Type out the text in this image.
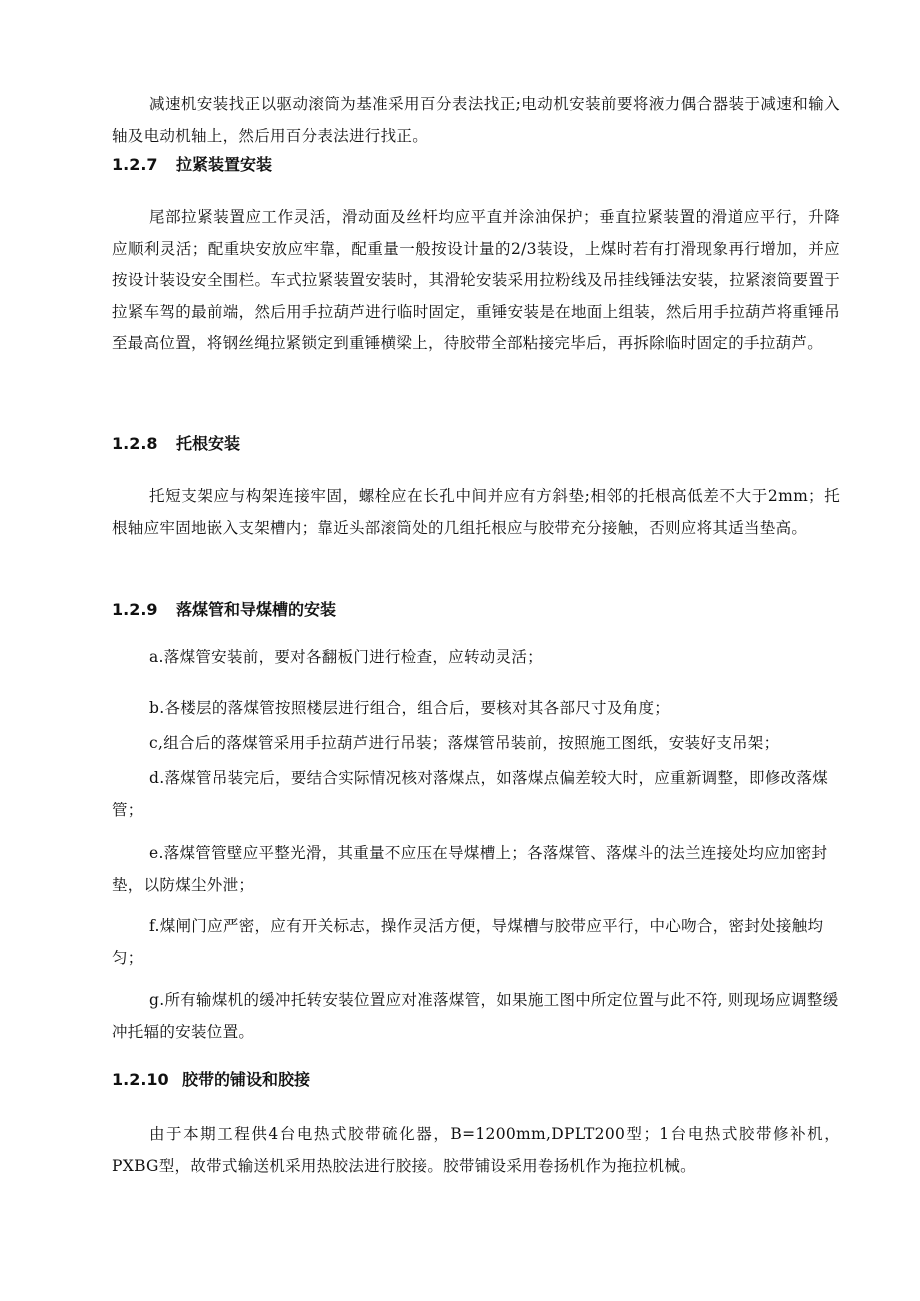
减速机安装找正以驱动滚筒为基准采用百分表法找正;电动机安装前要将液力偶合器装于减速和输入轴及电动机轴上，然后用百分表法进行找正。

1.2.7 拉紧装置安装

尾部拉紧装置应工作灵活，滑动面及丝杆均应平直并涂油保护；垂直拉紧装置的滑道应平行，升降应顺利灵活；配重块安放应牢靠，配重量一般按设计量的2/3装设，上煤时若有打滑现象再行增加，并应按设计装设安全围栏。车式拉紧装置安装时，其滑轮安装采用拉粉线及吊挂线锤法安装，拉紧滚筒要置于拉紧车驾的最前端，然后用手拉葫芦进行临时固定，重锤安装是在地面上组装，然后用手拉葫芦将重锤吊至最高位置，将钢丝绳拉紧锁定到重锤横梁上，待胶带全部粘接完毕后，再拆除临时固定的手拉葫芦。

1.2.8 托根安装

托短支架应与构架连接牢固，螺栓应在长孔中间并应有方斜垫;相邻的托根高低差不大于2mm；托根轴应牢固地嵌入支架槽内；靠近头部滚筒处的几组托根应与胶带充分接触，否则应将其适当垫高。

1.2.9 落煤管和导煤槽的安装

a.落煤管安装前，要对各翻板门进行检查，应转动灵活；

b.各楼层的落煤管按照楼层进行组合，组合后，要核对其各部尺寸及角度；

c,组合后的落煤管采用手拉葫芦进行吊装；落煤管吊装前，按照施工图纸，安装好支吊架；

d.落煤管吊装完后，要结合实际情况核对落煤点，如落煤点偏差较大时，应重新调整，即修改落煤管；

e.落煤管管壁应平整光滑，其重量不应压在导煤槽上；各落煤管、落煤斗的法兰连接处均应加密封垫，以防煤尘外泄；

f.煤闸门应严密，应有开关标志，操作灵活方便，导煤槽与胶带应平行，中心吻合，密封处接触均匀；

g.所有输煤机的缓冲托转安装位置应对准落煤管，如果施工图中所定位置与此不符, 则现场应调整缓冲托辐的安装位置。

1.2.10 胶带的铺设和胶接

由于本期工程供4台电热式胶带硫化器，B=1200mm,DPLT200型；1台电热式胶带修补机，PXBG型，故带式输送机采用热胶法进行胶接。胶带铺设采用卷扬机作为拖拉机械。
